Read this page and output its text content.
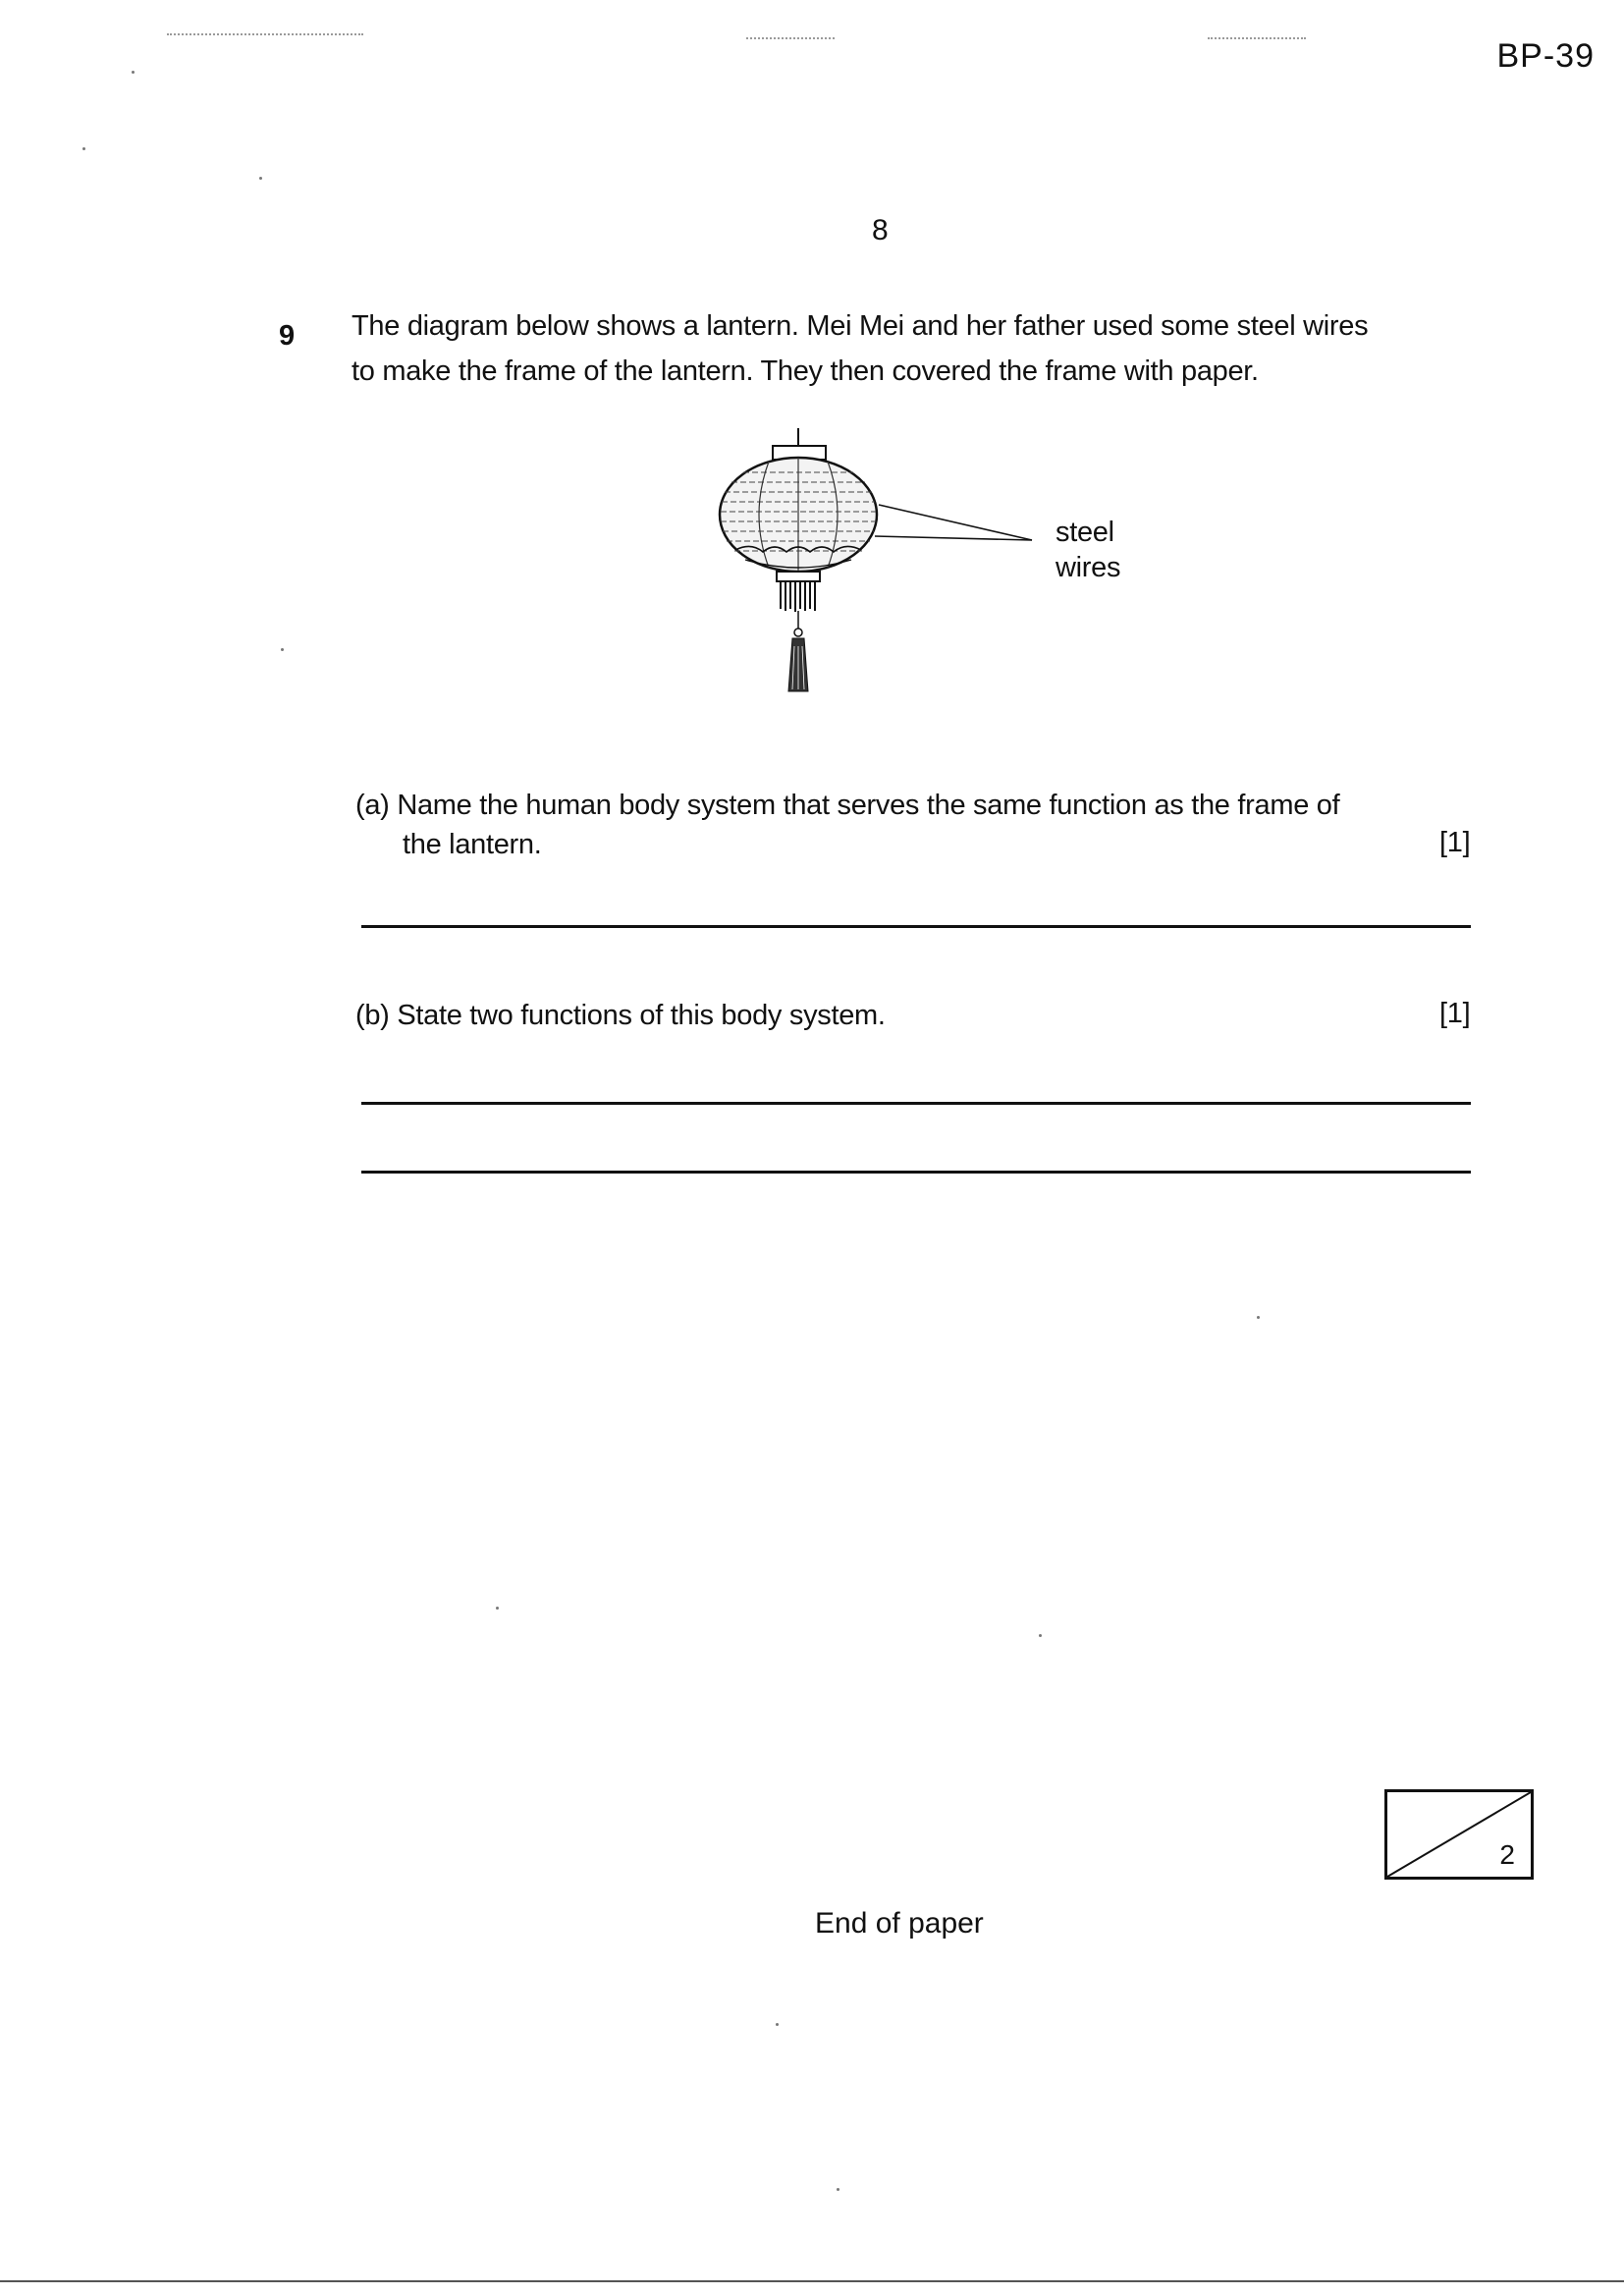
BP-39
8
9 The diagram below shows a lantern. Mei Mei and her father used some steel wires
to make the frame of the lantern. They then covered the frame with paper.
steel
wires
(a) Name the human body system that serves the same function as the frame of
the lantern.	[1]
(b) State two functions of this body system.	[1]
2
End of paper
